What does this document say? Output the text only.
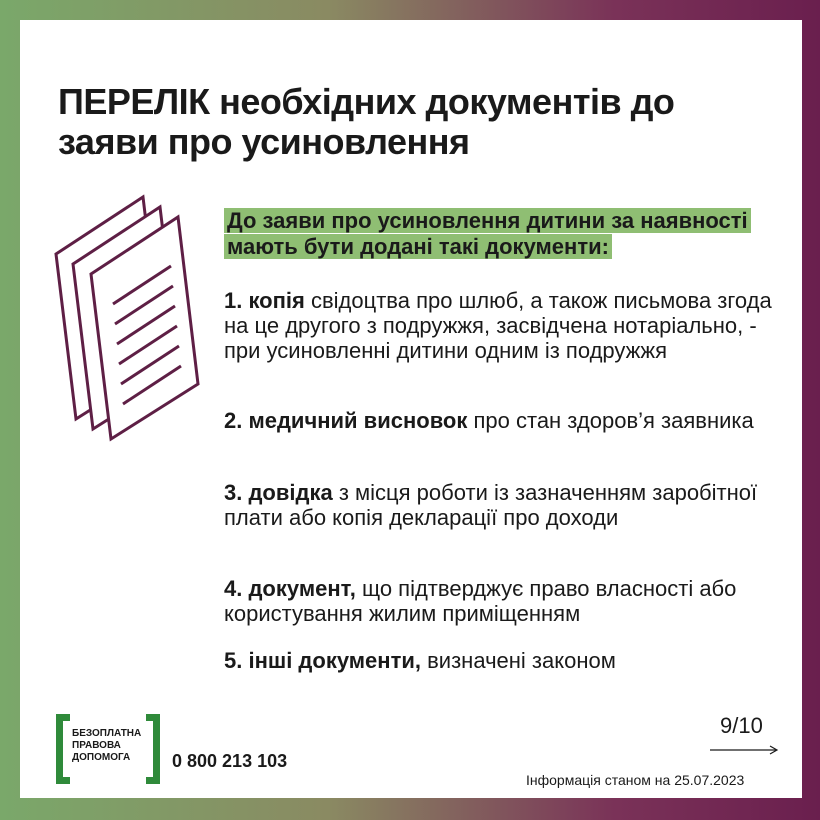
ПЕРЕЛІК необхідних документів до заяви про усиновлення
До заяви про усиновлення дитини за наявності мають бути додані такі документи:
1. копія свідоцтва про шлюб, а також письмова згода на це другого з подружжя, засвідчена нотаріально, - при усиновленні дитини одним із подружжя
2. медичний висновок про стан здоров’я заявника
3. довідка з місця роботи із зазначенням заробітної плати або копія декларації про доходи
4. документ, що підтверджує право власності або користування жилим приміщенням
5. інші документи, визначені законом
БЕЗОПЛАТНА
ПРАВОВА
ДОПОМОГА	0 800 213 103
9/10
Інформація станом на 25.07.2023
